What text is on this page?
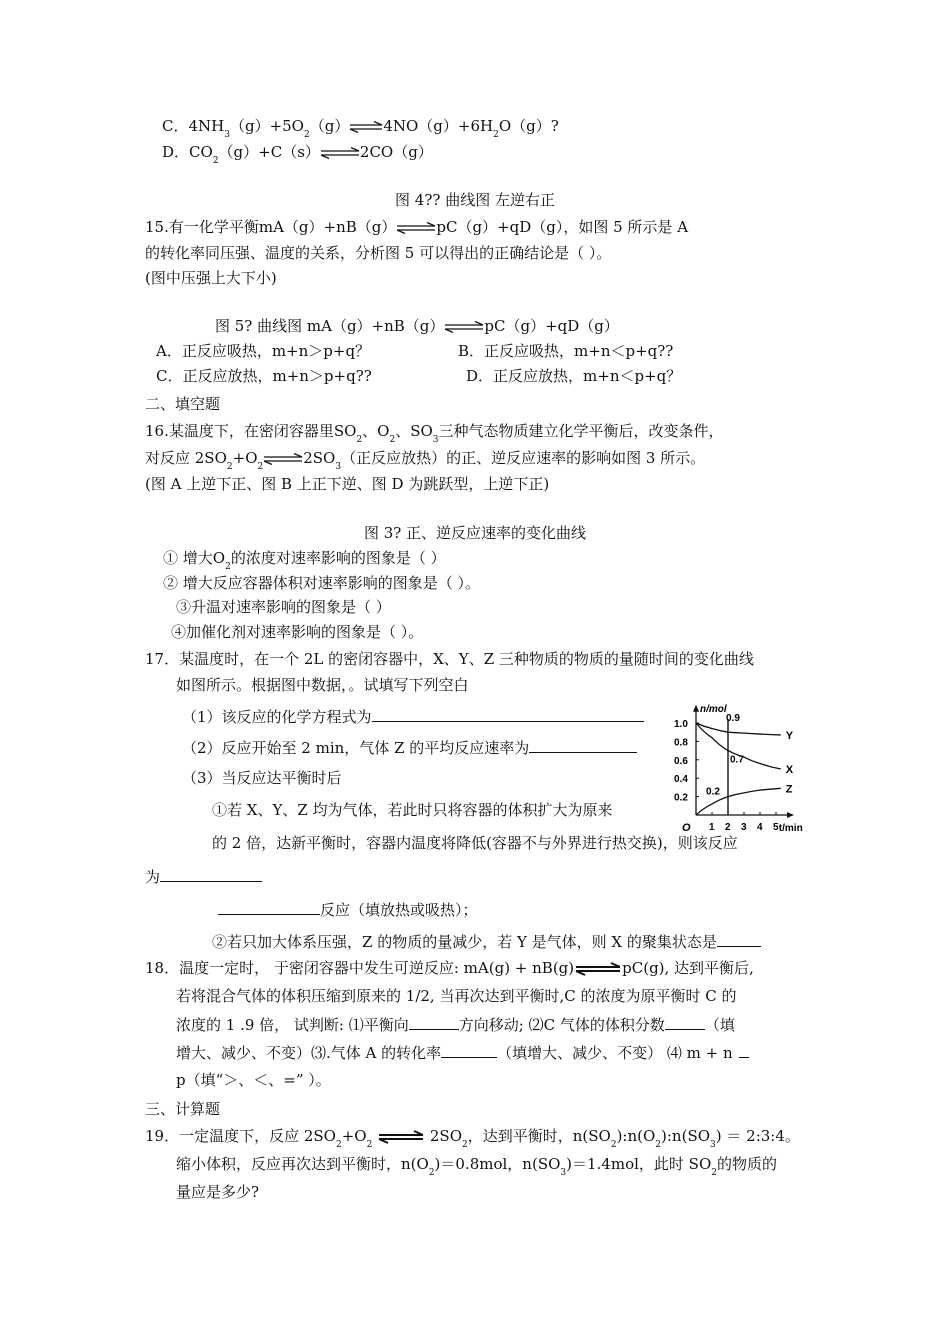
C．$4NH_3(g)+5O_2(g)\rightleftharpoons 4NO(g)+6H_2O(g)$?
D．$CO_2(g)+C(s)\rightleftharpoons 2CO(g)$
图 4?? 曲线图 左逆右正
15.有一化学平衡mA（g）+nB（g）⇌pC（g）+qD（g），如图 5 所示是 A
的转化率同压强、温度的关系，分析图 5 可以得出的正确结论是（ ）。
(图中压强上大下小)
图 5? 曲线图 mA（g）+nB（g）⇌pC（g）+qD（g）
A．正反应吸热，m+n＞p+q？	B．正反应吸热，m+n＜p+q??
C．正反应放热，m+n＞p+q??	D．正反应放热，m+n＜p+q？
二、填空题
16.某温度下，在密闭容器里$SO_2$、$O_2$、$SO_3$三种气态物质建立化学平衡后，改变条件，
对反应 $2SO_2+O_2$ $\rightleftharpoons 2SO_3$（正反应放热）的正、逆反应速率的影响如图 3 所示。
(图 A 上逆下正、图 B 上正下逆、图 D 为跳跃型，上逆下正)
图 3? 正、逆反应速率的变化曲线
① 增大$O_2$的浓度对速率影响的图象是（ ）
② 增大反应容器体积对速率影响的图象是（ ）。
③升温对速率影响的图象是（ ）
④加催化剂对速率影响的图象是（ ）。
17．某温度时，在一个 2L 的密闭容器中，X、Y、Z 三种物质的物质的量随时间的变化曲线
如图所示。根据图中数据，。试填写下列空白
（1）该反应的化学方程式为
（2）反应开始至 2 min，气体 Z 的平均反应速率为
（3）当反应达平衡时后
①若 X、Y、Z 均为气体，若此时只将容器的体积扩大为原来
的 2 倍，达新平衡时，容器内温度将降低(容器不与外界进行热交换)，则该反应
为
反应（填放热或吸热）；
②若只加大体系压强，Z 的物质的量减少，若 Y 是气体，则 X 的聚集状态是
n/mol
t/min
O
0.2
0.4
0.6
0.8
1.0
1 2 3 4 5
Y
X
Z
0.9
0.7
0.2
18．温度一定时， 于密闭容器中发生可逆反应: mA(g) + nB(g)⇌pC(g), 达到平衡后,
若将混合气体的体积压缩到原来的 1/2, 当再次达到平衡时,C 的浓度为原平衡时 C 的
浓度的 1 .9 倍， 试判断: ⑴平衡向	方向移动; ⑵C 气体的体积分数	（填
增大、减少、不变）⑶.气体 A 的转化率	（填增大、减少、不变） ⑷ m + n
p（填“＞、＜、=” ）。
三、计算题
19．一定温度下，反应 $2SO_2+O_2$ ⇌ $2SO_2$，达到平衡时，$n(SO_2):n(O_2):n(SO_3)$ ＝ 2:3:4。
缩小体积，反应再次达到平衡时，$n(O_2)=0.8mol$，$n(SO_3)=1.4mol$，此时 $SO_2$的物质的
量应是多少?
